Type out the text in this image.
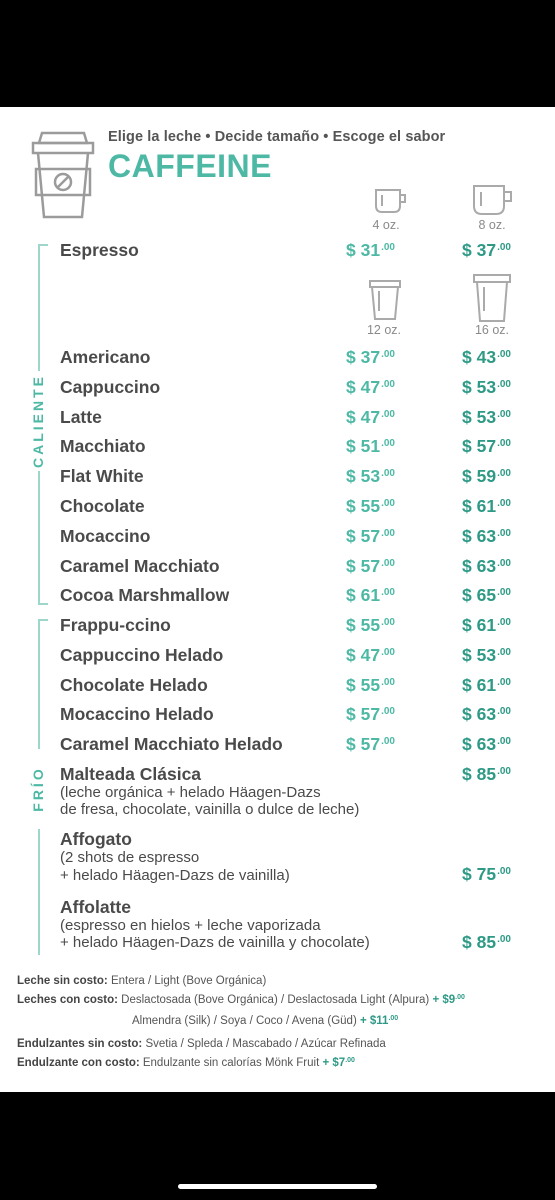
Elige la leche • Decide tamaño • Escoge el sabor
CAFFEINE
4 oz.	8 oz.
Espresso	$ $31^{.00}$	$ $37^{.00}$
12 oz.	16 oz.
CALIENTE
FRÍO
Americano	$ $37^{.00}$	$ $43^{.00}$
Cappuccino	$ $47^{.00}$	$ $53^{.00}$
Latte	$ $47^{.00}$	$ $53^{.00}$
Macchiato	$ $51^{.00}$	$ $57^{.00}$
Flat White	$ $53^{.00}$	$ $59^{.00}$
Chocolate	$ $55^{.00}$	$ $61^{.00}$
Mocaccino	$ $57^{.00}$	$ $63^{.00}$
Caramel Macchiato	$ $57^{.00}$	$ $63^{.00}$
Cocoa Marshmallow	$ $61^{.00}$	$ $65^{.00}$
Frappu-ccino	$ $55^{.00}$	$ $61^{.00}$
Cappuccino Helado	$ $47^{.00}$	$ $53^{.00}$
Chocolate Helado	$ $55^{.00}$	$ $61^{.00}$
Mocaccino Helado	$ $57^{.00}$	$ $63^{.00}$
Caramel Macchiato Helado	$ $57^{.00}$	$ $63^{.00}$
Malteada Clásica	$ $85^{.00}$
(leche orgánica + helado Häagen-Dazs
de fresa, chocolate, vainilla o dulce de leche)
Affogato
(2 shots de espresso
+ helado Häagen-Dazs de vainilla)	$ $75^{.00}$
Affolatte
(espresso en hielos + leche vaporizada
+ helado Häagen-Dazs de vainilla y chocolate)	$ $85^{.00}$
Leche sin costo: Entera / Light (Bove Orgánica)
Leches con costo: Deslactosada (Bove Orgánica) / Deslactosada Light (Alpura) + $\$9^{.00}$
Almendra (Silk) / Soya / Coco / Avena (Güd) + $\$11^{.00}$
Endulzantes sin costo: Svetia / Spleda / Mascabado / Azúcar Refinada
Endulzante con costo: Endulzante sin calorías Mönk Fruit + $\$7^{.00}$
